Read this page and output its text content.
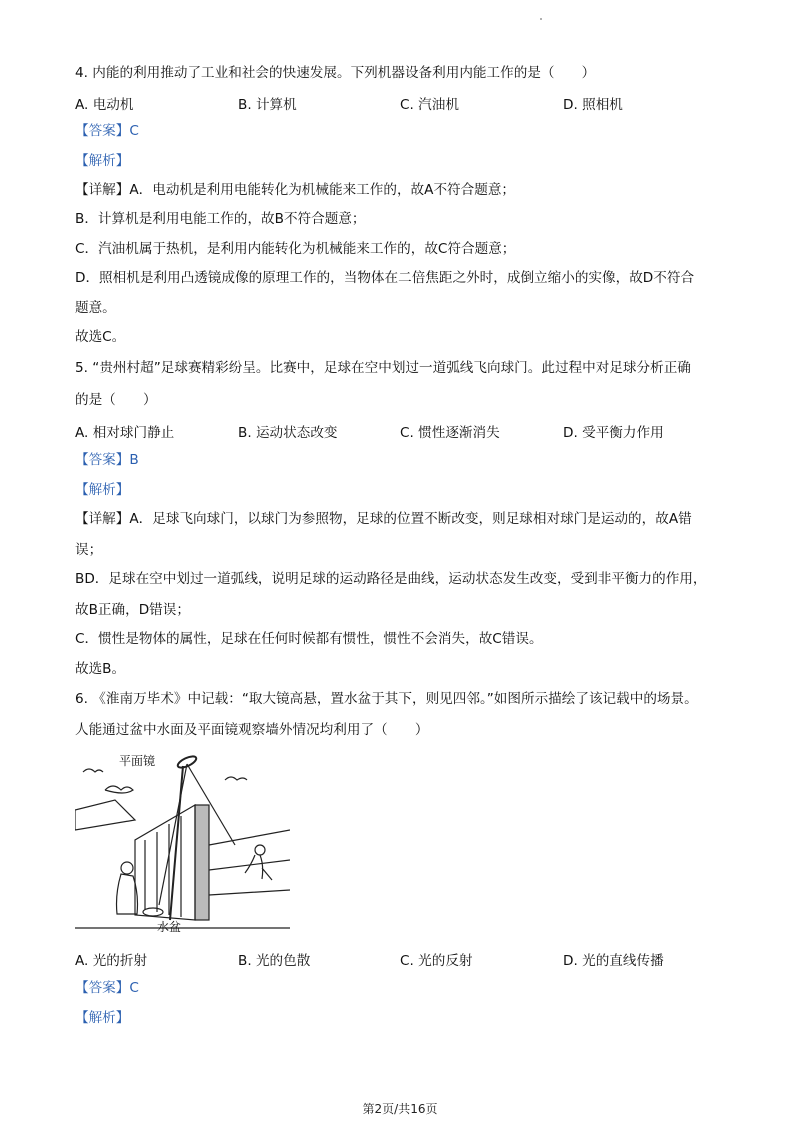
4. 内能的利用推动了工业和社会的快速发展。下列机器设备利用内能工作的是（　　）
A. 电动机	B. 计算机	C. 汽油机	D. 照相机
【答案】C
【解析】
【详解】A．电动机是利用电能转化为机械能来工作的，故A不符合题意；
B．计算机是利用电能工作的，故B不符合题意；
C．汽油机属于热机，是利用内能转化为机械能来工作的，故C符合题意；
D．照相机是利用凸透镜成像的原理工作的，当物体在二倍焦距之外时，成倒立缩小的实像，故D不符合
题意。
故选C。
5. “贵州村超”足球赛精彩纷呈。比赛中，足球在空中划过一道弧线飞向球门。此过程中对足球分析正确
的是（　　）
A. 相对球门静止	B. 运动状态改变	C. 惯性逐渐消失	D. 受平衡力作用
【答案】B
【解析】
【详解】A．足球飞向球门，以球门为参照物，足球的位置不断改变，则足球相对球门是运动的，故A错
误；
BD．足球在空中划过一道弧线，说明足球的运动路径是曲线，运动状态发生改变，受到非平衡力的作用，
故B正确，D错误；
C．惯性是物体的属性，足球在任何时候都有惯性，惯性不会消失，故C错误。
故选B。
6. 《淮南万毕术》中记载：“取大镜高悬，置水盆于其下，则见四邻。”如图所示描绘了该记载中的场景。
人能通过盆中水面及平面镜观察墙外情况均利用了（　　）
平面镜
水盆
A. 光的折射	B. 光的色散	C. 光的反射	D. 光的直线传播
【答案】C
【解析】
第2页/共16页
